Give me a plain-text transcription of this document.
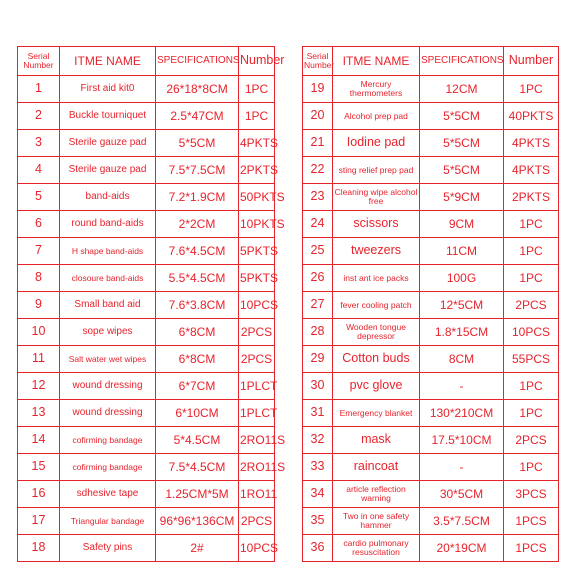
Serial Number	ITME NAME	SPECIFICATIONS	Number
1	First aid kit0	26*18*8CM	1PC
2	Buckle tourniquet	2.5*47CM	1PC
3	Sterile gauze pad	5*5CM	4PKTS
4	Sterile gauze pad	7.5*7.5CM	2PKTS
5	band-aids	7.2*1.9CM	50PKTS
6	round band-aids	2*2CM	10PKTS
7	H shape band-aids	7.6*4.5CM	5PKTS
8	closoure band-aids	5.5*4.5CM	5PKTS
9	Small band aid	7.6*3.8CM	10PCS
10	sope wipes	6*8CM	2PCS
11	Salt water wet wipes	6*8CM	2PCS
12	wound dressing	6*7CM	1PLCT
13	wound dressing	6*10CM	1PLCT
14	cofirming bandage	5*4.5CM	2RO11S
15	cofirming bandage	7.5*4.5CM	2RO11S
16	sdhesive tape	1.25CM*5M	1RO11
17	Triangular bandage	96*96*136CM	2PCS
18	Safety pins	2#	10PCS
Serial Number	ITME NAME	SPECIFICATIONS	Number
19	Mercury thermometers	12CM	1PC
20	Alcohol prep pad	5*5CM	40PKTS
21	Iodine pad	5*5CM	4PKTS
22	sting relief prep pad	5*5CM	4PKTS
23	Cleaning wipe alcohol free	5*9CM	2PKTS
24	scissors	9CM	1PC
25	tweezers	11CM	1PC
26	inst ant ice packs	100G	1PC
27	fever cooling patch	12*5CM	2PCS
28	Wooden tongue depressor	1.8*15CM	10PCS
29	Cotton buds	8CM	55PCS
30	pvc glove	-	1PC
31	Emergency blanket	130*210CM	1PC
32	mask	17.5*10CM	2PCS
33	raincoat	-	1PC
34	article reflection warning	30*5CM	3PCS
35	Two in one safety hammer	3.5*7.5CM	1PCS
36	cardio pulmonary resuscitation	20*19CM	1PCS
